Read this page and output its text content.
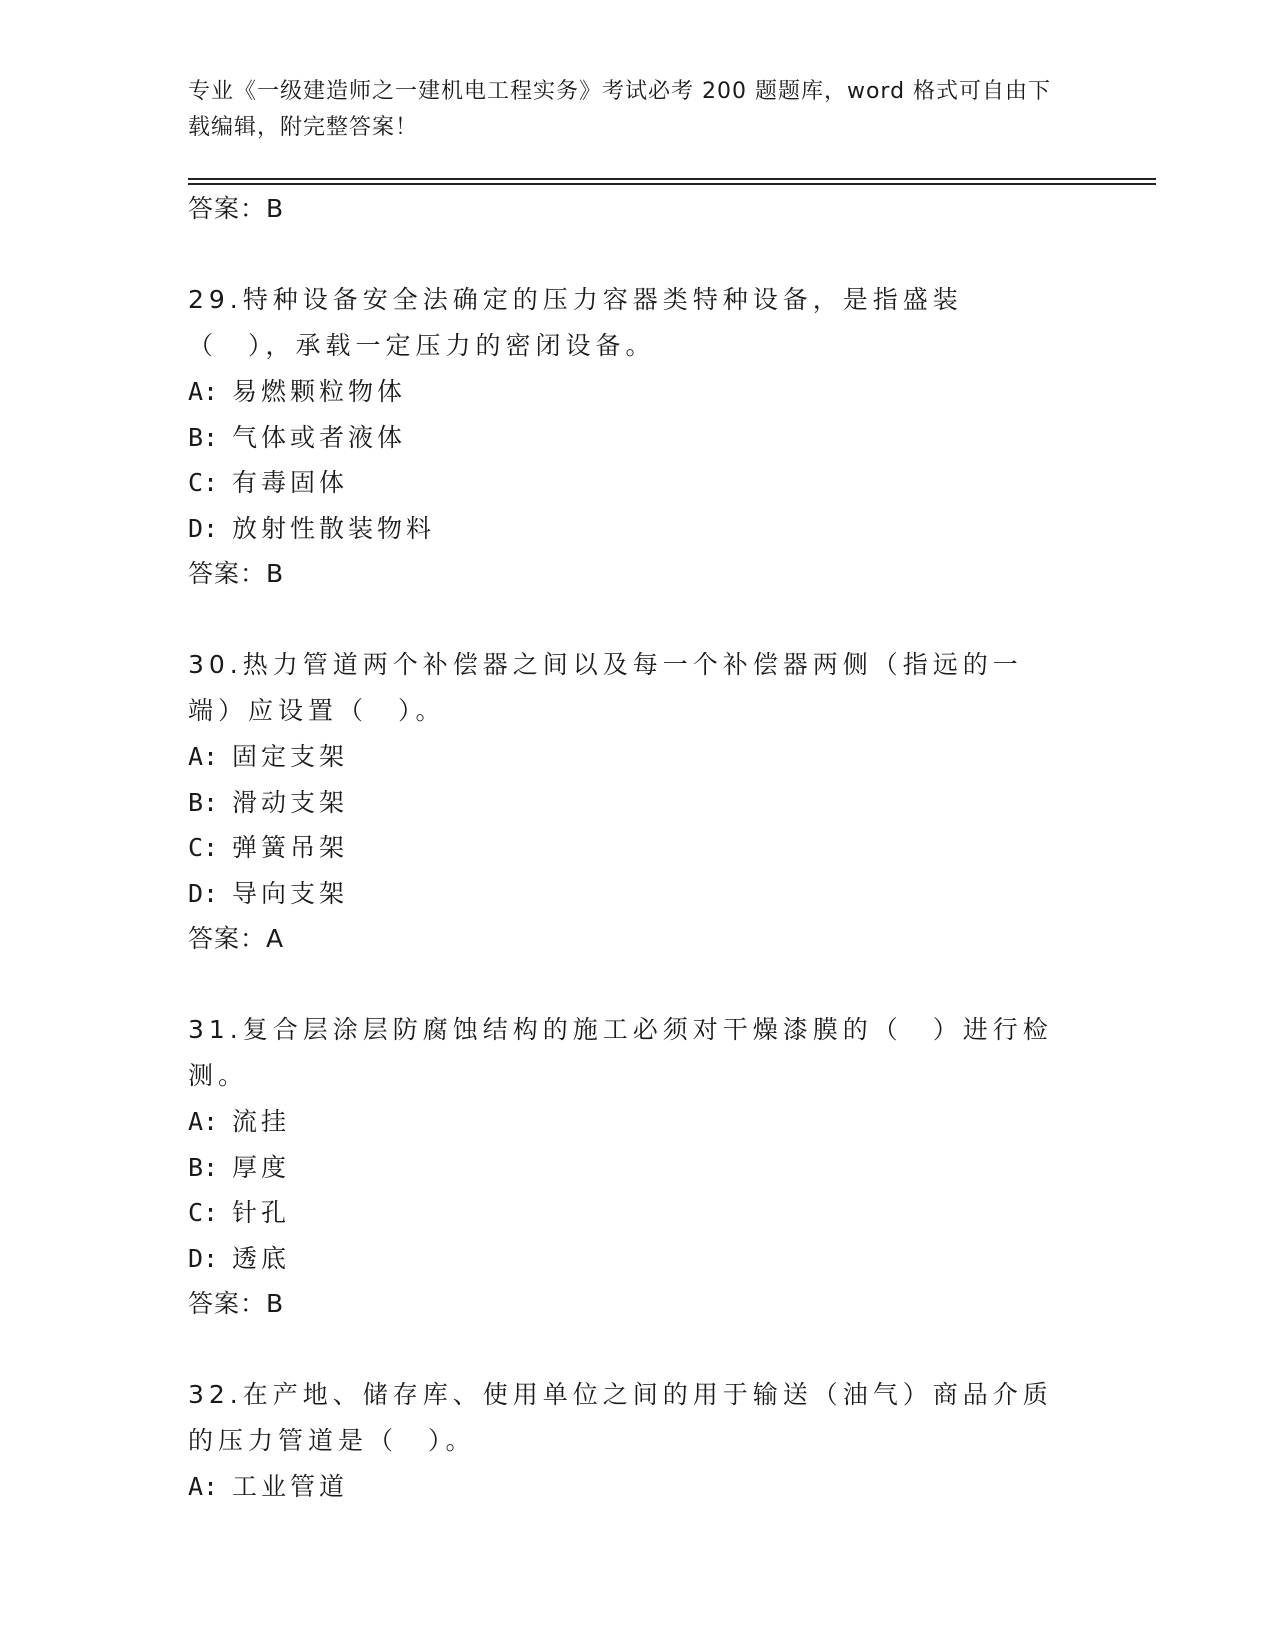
专业《一级建造师之一建机电工程实务》考试必考 200 题题库，word 格式可自由下载编辑，附完整答案！
答案：B
29.特种设备安全法确定的压力容器类特种设备，是指盛装（　），承载一定压力的密闭设备。
A: 易燃颗粒物体
B: 气体或者液体
C: 有毒固体
D: 放射性散装物料
答案：B
30.热力管道两个补偿器之间以及每一个补偿器两侧（指远的一端）应设置（　）。
A: 固定支架
B: 滑动支架
C: 弹簧吊架
D: 导向支架
答案：A
31.复合层涂层防腐蚀结构的施工必须对干燥漆膜的（　）进行检测。
A: 流挂
B: 厚度
C: 针孔
D: 透底
答案：B
32.在产地、储存库、使用单位之间的用于输送（油气）商品介质的压力管道是（　）。
A: 工业管道
